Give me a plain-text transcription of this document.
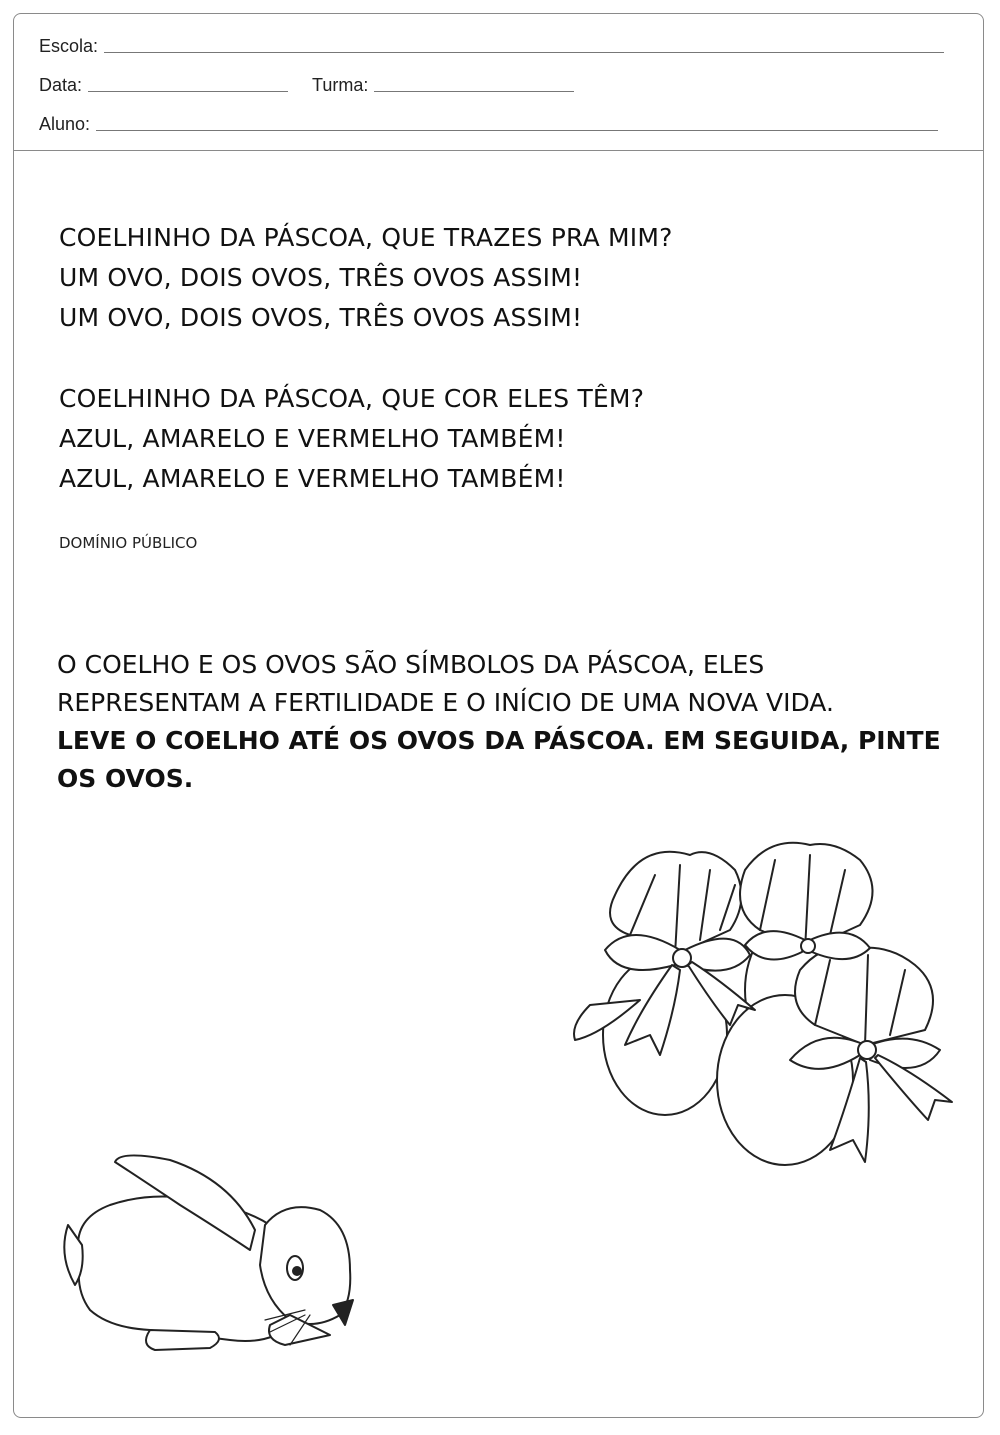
Escola:
Data:	Turma:
Aluno:
COELHINHO DA PÁSCOA, QUE TRAZES PRA MIM?
UM OVO, DOIS OVOS, TRÊS OVOS ASSIM!
UM OVO, DOIS OVOS, TRÊS OVOS ASSIM!
COELHINHO DA PÁSCOA, QUE COR ELES TÊM?
AZUL, AMARELO E VERMELHO TAMBÉM!
AZUL, AMARELO E VERMELHO TAMBÉM!
DOMÍNIO PÚBLICO
O COELHO E OS OVOS SÃO SÍMBOLOS DA PÁSCOA, ELES
REPRESENTAM A FERTILIDADE E O INÍCIO DE UMA NOVA VIDA.
LEVE O COELHO ATÉ OS OVOS DA PÁSCOA. EM SEGUIDA, PINTE OS OVOS.
